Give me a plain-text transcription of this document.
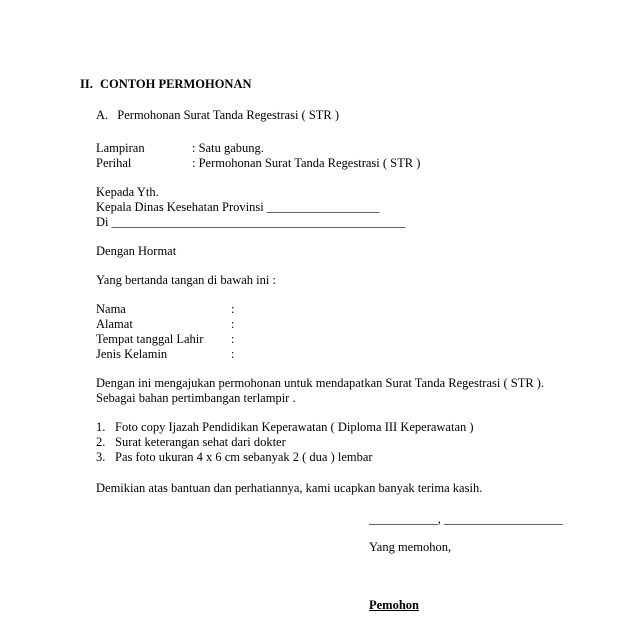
II. CONTOH PERMOHONAN
A. Permohonan Surat Tanda Regestrasi ( STR )
Lampiran	: Satu gabung.
Perihal	: Permohonan Surat Tanda Regestrasi ( STR )
Kepada Yth.
Kepala Dinas Kesehatan Provinsi __________________
Di _______________________________________________
Dengan Hormat
Yang bertanda tangan di bawah ini :
Nama	:
Alamat	:
Tempat tanggal Lahir :
Jenis Kelamin	:
Dengan ini mengajukan permohonan untuk mendapatkan Surat Tanda Regestrasi ( STR ).
Sebagai bahan pertimbangan terlampir .
1. Foto copy Ijazah Pendidikan Keperawatan ( Diploma III Keperawatan )
2. Surat keterangan sehat dari dokter
3. Pas foto ukuran 4 x 6 cm sebanyak 2 ( dua ) lembar
Demikian atas bantuan dan perhatiannya, kami ucapkan banyak terima kasih.
___________, ___________________
Yang memohon,
Pemohon
